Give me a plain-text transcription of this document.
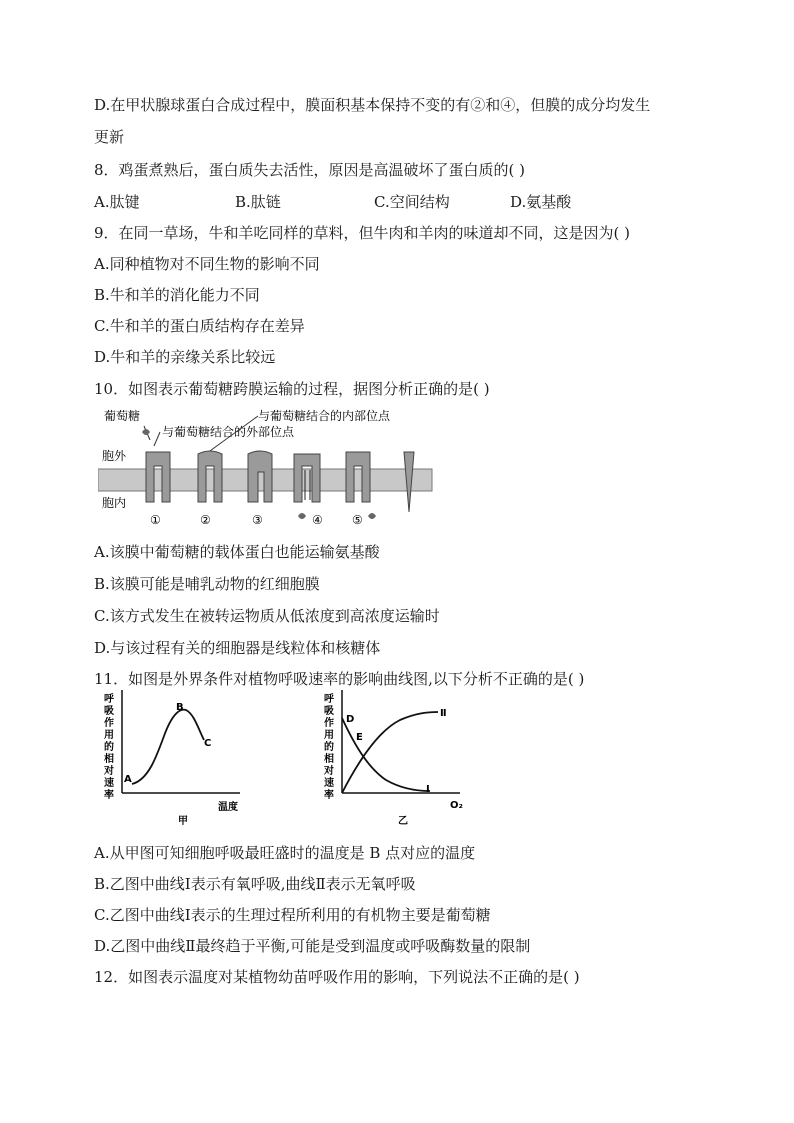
D.在甲状腺球蛋白合成过程中，膜面积基本保持不变的有②和④，但膜的成分均发生
更新
8．鸡蛋煮熟后，蛋白质失去活性，原因是高温破坏了蛋白质的( )
A.肽键	B.肽链	C.空间结构	D.氨基酸
9．在同一草场，牛和羊吃同样的草料，但牛肉和羊肉的味道却不同，这是因为( )
A.同种植物对不同生物的影响不同
B.牛和羊的消化能力不同
C.牛和羊的蛋白质结构存在差异
D.牛和羊的亲缘关系比较远
10．如图表示葡萄糖跨膜运输的过程，据图分析正确的是( )
葡萄糖
与葡萄糖结合的外部位点
与葡萄糖结合的内部位点
胞外
胞内
①	②	③	④ ⑤
A.该膜中葡萄糖的载体蛋白也能运输氨基酸
B.该膜可能是哺乳动物的红细胞膜
C.该方式发生在被转运物质从低浓度到高浓度运输时
D.与该过程有关的细胞器是线粒体和核糖体
11．如图是外界条件对植物呼吸速率的影响曲线图,以下分析不正确的是( )
呼
吸
作
用
的
相
对
速
率
A
B
C
温度
甲
呼
吸
作
用
的
相
对
速
率
D
E
Ⅱ
Ⅰ
O₂
乙
A.从甲图可知细胞呼吸最旺盛时的温度是 B 点对应的温度
B.乙图中曲线Ⅰ表示有氧呼吸,曲线Ⅱ表示无氧呼吸
C.乙图中曲线Ⅰ表示的生理过程所利用的有机物主要是葡萄糖
D.乙图中曲线Ⅱ最终趋于平衡,可能是受到温度或呼吸酶数量的限制
12．如图表示温度对某植物幼苗呼吸作用的影响，下列说法不正确的是( )
